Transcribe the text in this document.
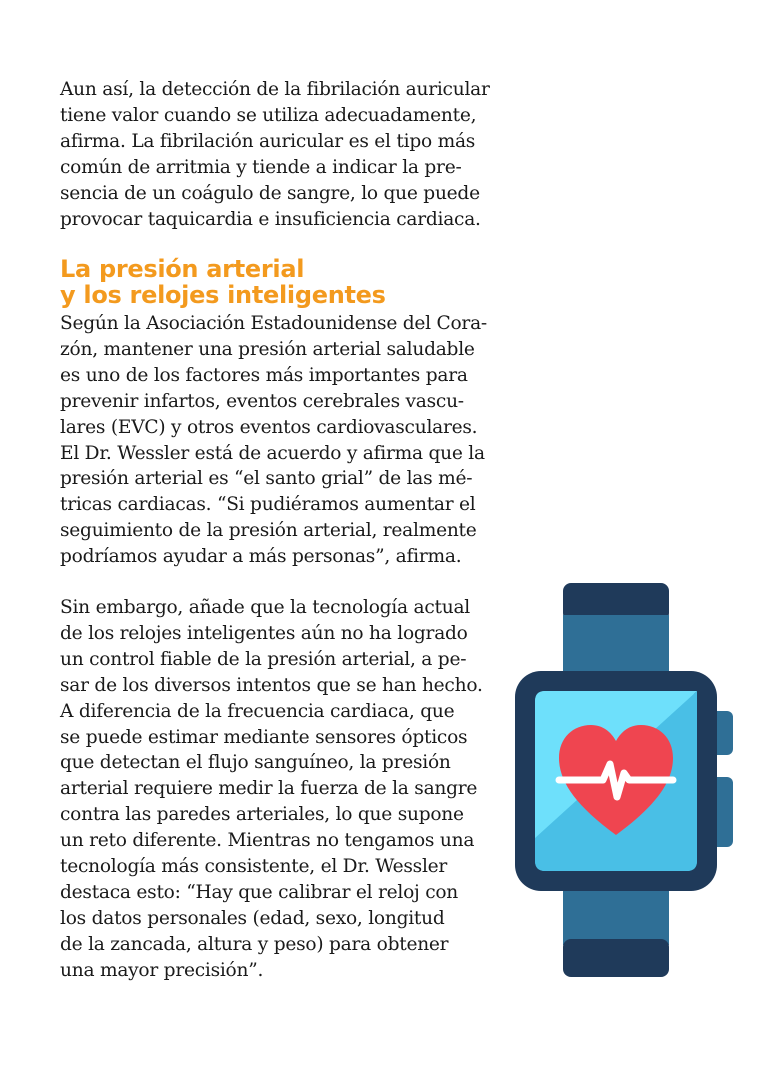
Aun así, la detección de la fibrilación auricular
tiene valor cuando se utiliza adecuadamente,
afirma. La fibrilación auricular es el tipo más
común de arritmia y tiende a indicar la pre-
sencia de un coágulo de sangre, lo que puede
provocar taquicardia e insuficiencia cardiaca.
La presión arterial
y los relojes inteligentes
Según la Asociación Estadounidense del Cora-
zón, mantener una presión arterial saludable
es uno de los factores más importantes para
prevenir infartos, eventos cerebrales vascu-
lares (EVC) y otros eventos cardiovasculares.
El Dr. Wessler está de acuerdo y afirma que la
presión arterial es “el santo grial” de las mé-
tricas cardiacas. “Si pudiéramos aumentar el
seguimiento de la presión arterial, realmente
podríamos ayudar a más personas”, afirma.
Sin embargo, añade que la tecnología actual
de los relojes inteligentes aún no ha logrado
un control fiable de la presión arterial, a pe-
sar de los diversos intentos que se han hecho.
A diferencia de la frecuencia cardiaca, que
se puede estimar mediante sensores ópticos
que detectan el flujo sanguíneo, la presión
arterial requiere medir la fuerza de la sangre
contra las paredes arteriales, lo que supone
un reto diferente. Mientras no tengamos una
tecnología más consistente, el Dr. Wessler
destaca esto: “Hay que calibrar el reloj con
los datos personales (edad, sexo, longitud
de la zancada, altura y peso) para obtener
una mayor precisión”.
